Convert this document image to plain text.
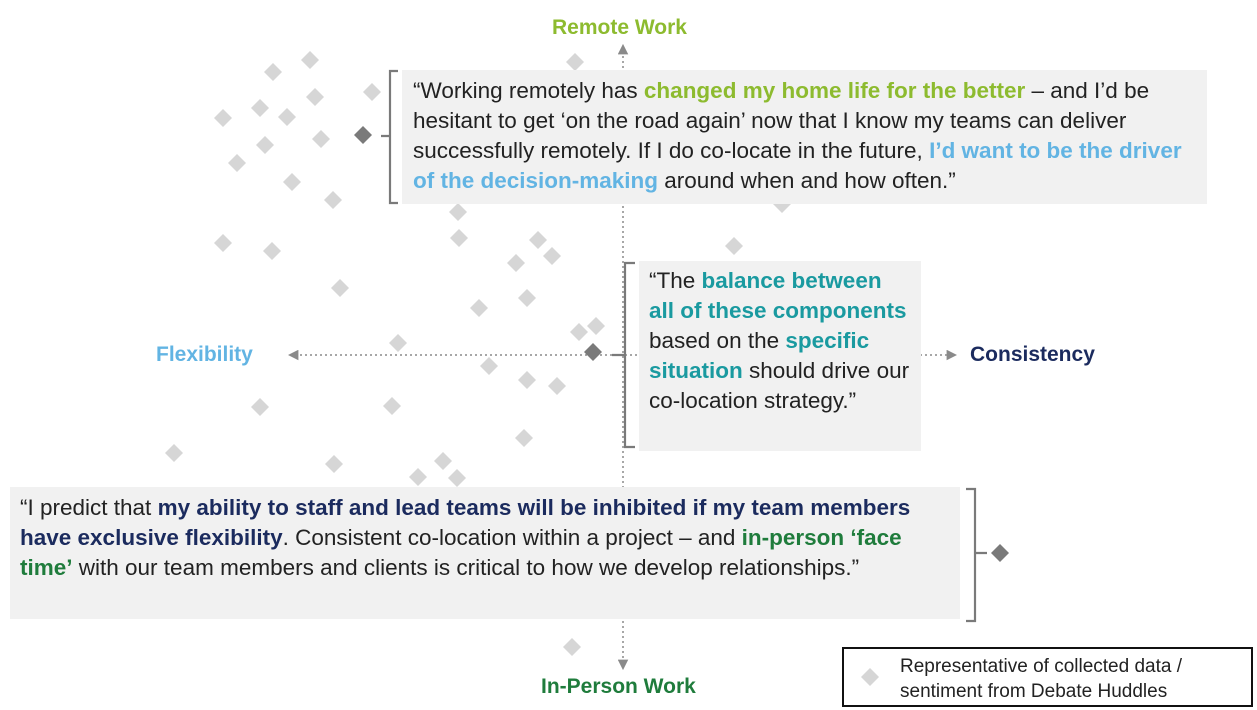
Remote Work
In-Person Work
Flexibility	Consistency
“Working remotely has changed my home life for the better – and I’d be hesitant to get ‘on the road again’ now that I know my teams can deliver successfully remotely. If I do co-locate in the future, I’d want to be the driver of the decision-making around when and how often.”
“The balance between all of these components based on the specific situation should drive our co-location strategy.”
“I predict that my ability to staff and lead teams will be inhibited if my team members have exclusive flexibility. Consistent co-location within a project – and in-person ‘face time’ with our team members and clients is critical to how we develop relationships.”
Representative of collected data /
sentiment from Debate Huddles
